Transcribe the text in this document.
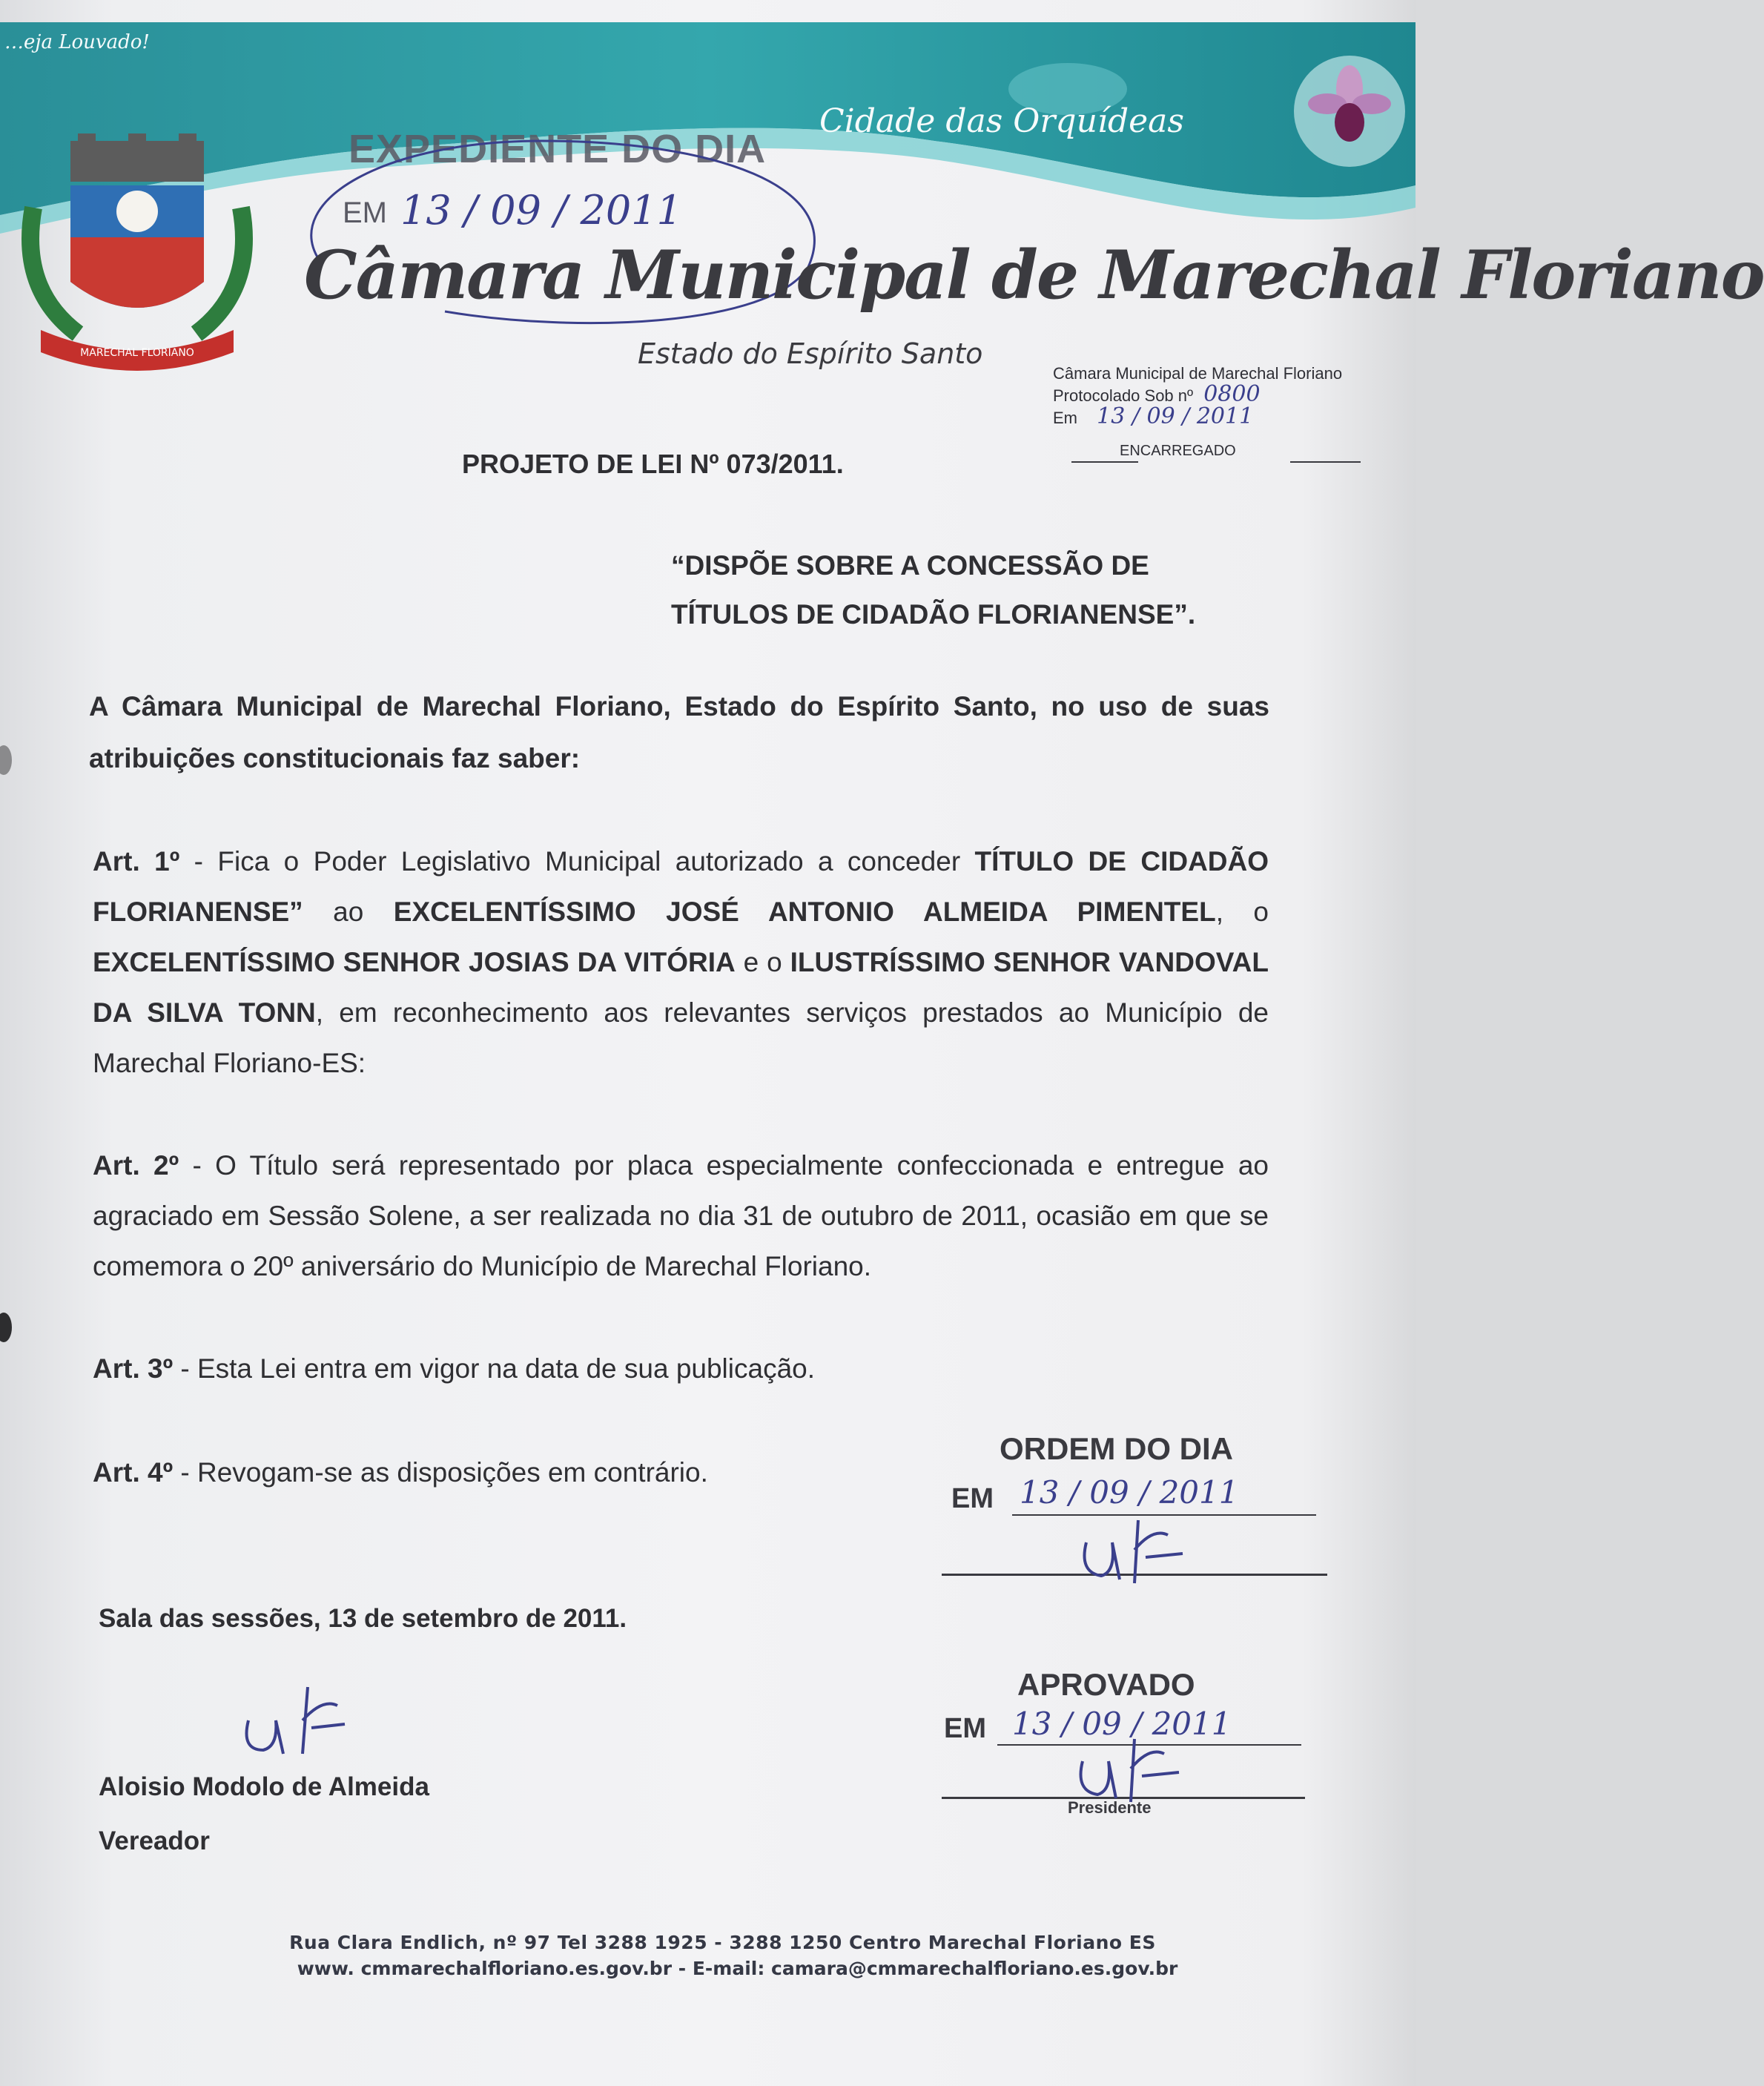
…eja Louvado!
Cidade das Orquídeas
MARECHAL FLORIANO
EXPEDIENTE DO DIA
EM 13 / 09 / 2011
Câmara Municipal de Marechal Floriano
Estado do Espírito Santo
Câmara Municipal de Marechal Floriano
Protocolado Sob nº 0800
Em 13 / 09 / 2011
ENCARREGADO
PROJETO DE LEI Nº 073/2011.
“DISPÕE SOBRE A CONCESSÃO DE
TÍTULOS DE CIDADÃO FLORIANENSE”.
A Câmara Municipal de Marechal Floriano, Estado do Espírito Santo, no uso de suas atribuições constitucionais faz saber:
Art. 1º - Fica o Poder Legislativo Municipal autorizado a conceder TÍTULO DE CIDADÃO FLORIANENSE” ao EXCELENTÍSSIMO JOSÉ ANTONIO ALMEIDA PIMENTEL, o EXCELENTÍSSIMO SENHOR JOSIAS DA VITÓRIA e o ILUSTRÍSSIMO SENHOR VANDOVAL DA SILVA TONN, em reconhecimento aos relevantes serviços prestados ao Município de Marechal Floriano-ES:
Art. 2º - O Título será representado por placa especialmente confeccionada e entregue ao agraciado em Sessão Solene, a ser realizada no dia 31 de outubro de 2011, ocasião em que se comemora o 20º aniversário do Município de Marechal Floriano.
Art. 3º - Esta Lei entra em vigor na data de sua publicação.
Art. 4º - Revogam-se as disposições em contrário.
ORDEM DO DIA
EM 13 / 09 / 2011
Sala das sessões, 13 de setembro de 2011.
APROVADO
EM 13 / 09 / 2011
Presidente
Aloisio Modolo de Almeida
Vereador
Rua Clara Endlich, nº 97 Tel 3288 1925 - 3288 1250 Centro Marechal Floriano ES
www. cmmarechalfloriano.es.gov.br - E-mail: camara@cmmarechalfloriano.es.gov.br
